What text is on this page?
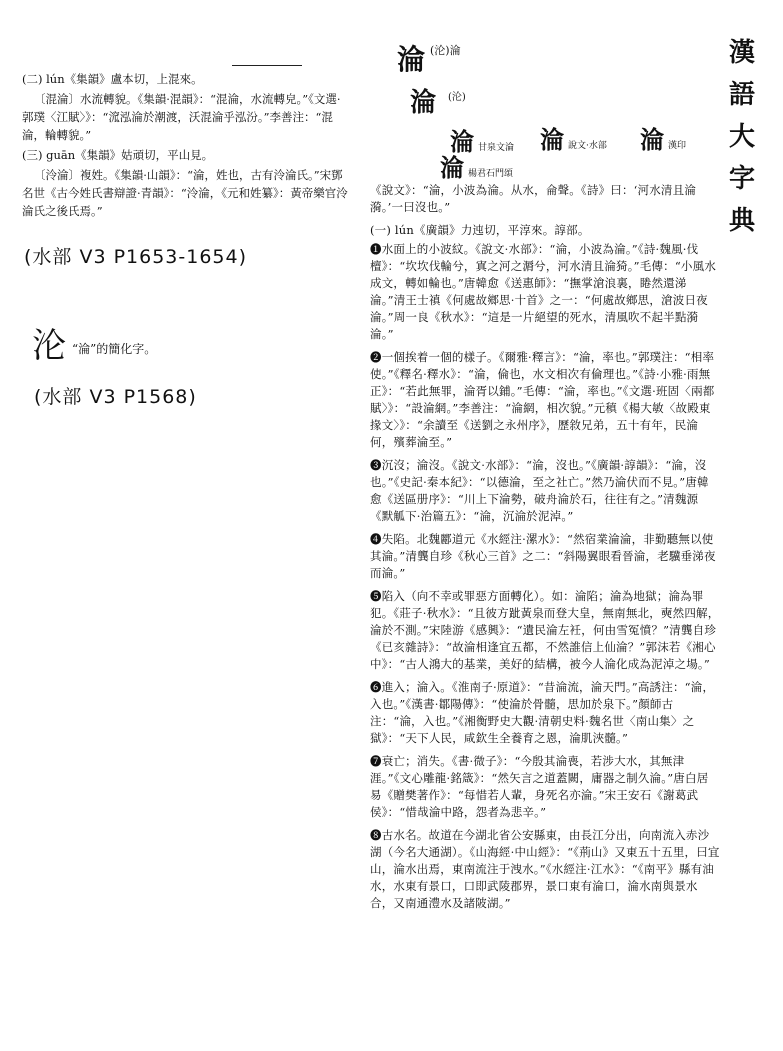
(二) lún《集韻》盧本切，上混來。

〔混淪〕水流轉貌。《集韻·混韻》：“混淪，水流轉皃。”《文選·郭璞〈江賦〉》：“溛泓淪於潮渡，沃混淪乎泓汾。”李善注：“混淪，輪轉貌。”

(三) guān《集韻》姑頑切，平山見。

〔泠淪〕複姓。《集韻·山韻》：“淪，姓也，古有泠淪氏。”宋鄧名世《古今姓氏書辯證·青韻》：“泠淪，《元和姓纂》：黃帝樂官泠淪氏之後氏焉。”

(水部 V3 P1653-1654)
沦 “淪”的簡化字。
(水部 V3 P1568)
淪 (沦)淪
淪 (沦)
淪甘泉文淪 淪說文·水部 淪漢印
淪楊君石門頌
漢
語
大
字
典

《說文》：“淪，小波為淪。从水，侖聲。《詩》曰：‘河水清且淪漪。’一曰沒也。”

(一) lún《廣韻》力迍切，平淳來。諄部。

❶水面上的小波紋。《說文·水部》：“淪，小波為淪。”《詩·魏風·伐檀》：“坎坎伐輪兮，寘之河之漘兮，河水清且淪猗。”毛傳：“小風水成文，轉如輪也。”唐韓愈《送惠師》：“撫掌滄浪裏，睠然還涕淪。”清王士禛《何處故鄉思·十首》之一：“何處故鄉思，滄波日夜淪。”周一良《秋水》：“這是一片絕望的死水，清風吹不起半點漪淪。”

❷一個挨着一個的樣子。《爾雅·釋言》：“淪，率也。”郭璞注：“相率使。”《釋名·釋水》：“淪，倫也，水文相次有倫理也。”《詩·小雅·雨無正》：“若此無罪，淪胥以鋪。”毛傳：“淪，率也。”《文選·班固〈兩都賦〉》：“設淪網。”李善注：“淪網，相次貌。”元稹《楊大敏〈故殿東掾文〉》：“余讀至《送劉之永州序》，歷敘兄弟，五十有年，民淪何，殯葬淪至。”

❸沉沒；淪沒。《說文·水部》：“淪，沒也。”《廣韻·諄韻》：“淪，沒也。”《史記·秦本紀》：“以德淪，至之社亡。”然乃淪伏而不見。”唐韓愈《送區册序》：“川上下淪勢，破舟淪於石，往往有之。”清魏源《默觚下·治篇五》：“淪，沉淪於泥淖。”

❹失陷。北魏酈道元《水經注·漯水》：“然宿業淪淪，非勤聽無以使其淪。”清龔自珍《秋心三首》之二：“斜陽翼眼看晉淪，老驥垂涕夜而淪。”

❺陷入（向不幸或罪惡方面轉化）。如：淪陷；淪為地獄；淪為罪犯。《莊子·秋水》：“且彼方跐黃泉而登大皇，無南無北，奭然四解，淪於不測。”宋陸游《感興》：“遺民淪左衽，何由雪冤憤？”清龔自珍《已亥雜詩》：“故淪相逢宜五都，不然誰信上仙淪？”郭沫若《湘心中》：“古人鴻大的基業，美好的結構，被今人淪化成為泥淖之場。”

❻進入；淪入。《淮南子·原道》：“昔淪流，淪天門。”高誘注：“淪，入也。”《漢書·鄒陽傳》：“使淪於骨髓，思加於泉下。”顏師古注：“淪，入也。”《湘衡野史大觀·清朝史料·魏名世〈南山集〉之獄》：“天下人民，咸欽生全養育之恩，淪肌浹髓。”

❼衰亡；消失。《書·微子》：“今殷其淪喪，若涉大水，其無津涯。”《文心雕龍·銘箴》：“然矢言之道蓋闕，庸器之制久淪。”唐白居易《贈樊著作》：“每惜若人輩，身死名亦淪。”宋王安石《謝葛武侯》：“惜哉淪中路，怨者為悲辛。”

❽古水名。故道在今湖北省公安縣東，由長江分出，向南流入赤沙湖（今名大通湖）。《山海經·中山經》：“《荊山》又東五十五里，曰宜山，淪水出焉，東南流注于洩水。”《水經注·江水》：“《南平》縣有油水，水東有景口，口即武陵郡界，景口東有淪口，淪水南與景水合，又南通澧水及諸陂湖。”
